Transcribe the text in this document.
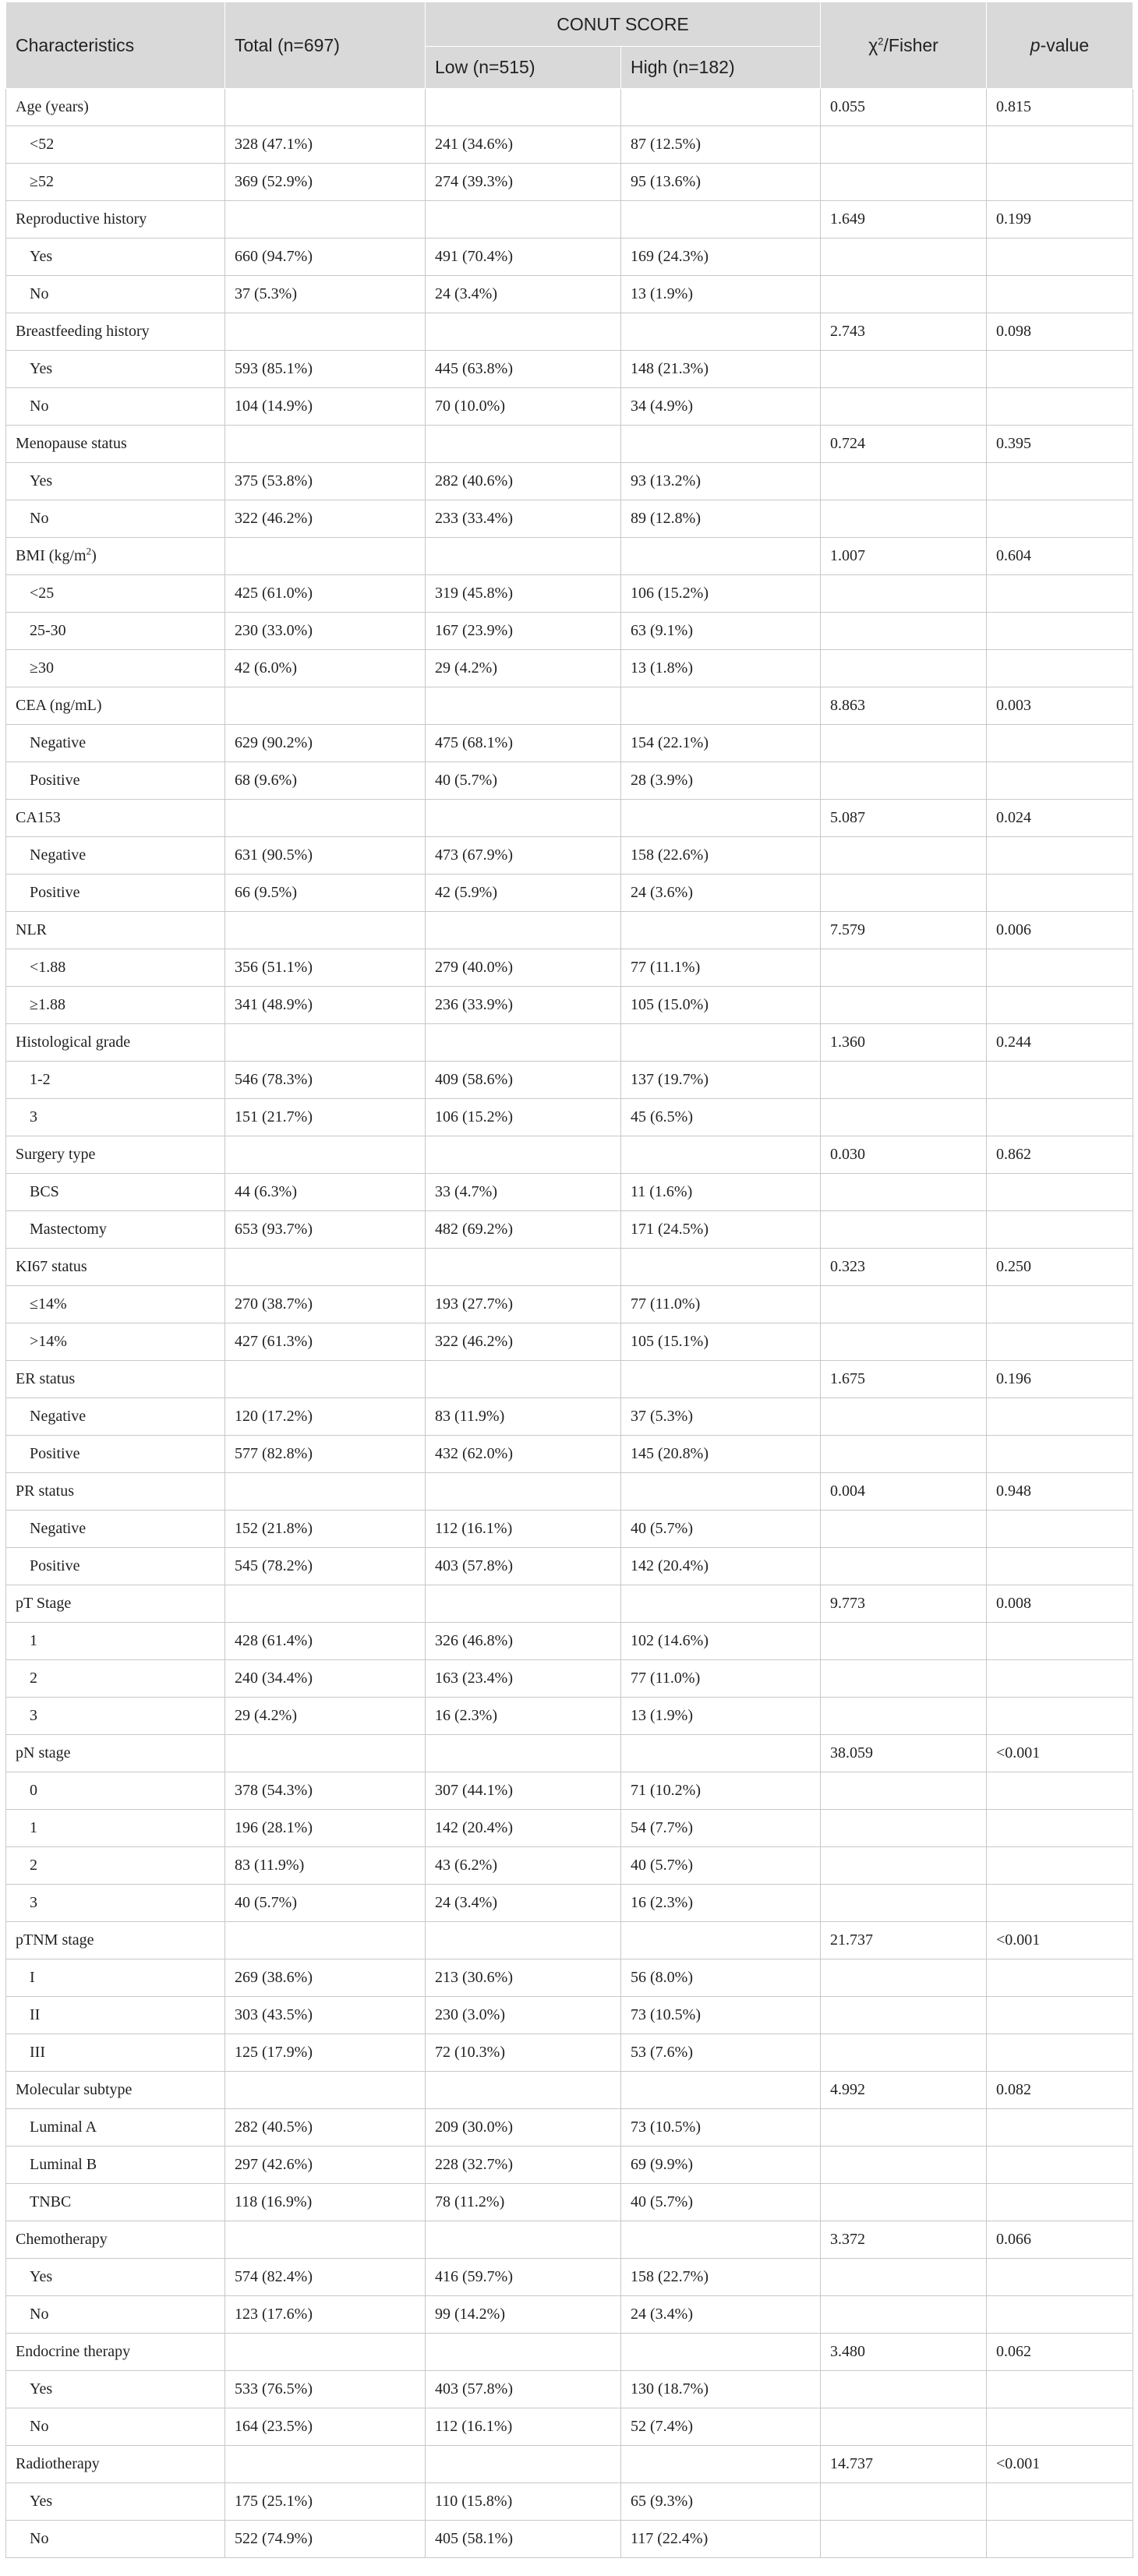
Characteristics	Total (n=697)	CONUT SCORE		$\chi^2$/Fisher	p-value
		Low (n=515)	High (n=182)		
Age (years)				0.055	0.815
<52	328 (47.1%)	241 (34.6%)	87 (12.5%)		
≥52	369 (52.9%)	274 (39.3%)	95 (13.6%)		
Reproductive history				1.649	0.199
Yes	660 (94.7%)	491 (70.4%)	169 (24.3%)		
No	37 (5.3%)	24 (3.4%)	13 (1.9%)		
Breastfeeding history				2.743	0.098
Yes	593 (85.1%)	445 (63.8%)	148 (21.3%)		
No	104 (14.9%)	70 (10.0%)	34 (4.9%)		
Menopause status				0.724	0.395
Yes	375 (53.8%)	282 (40.6%)	93 (13.2%)		
No	322 (46.2%)	233 (33.4%)	89 (12.8%)		
BMI $(kg/m^2)$				1.007	0.604
<25	425 (61.0%)	319 (45.8%)	106 (15.2%)		
25-30	230 (33.0%)	167 (23.9%)	63 (9.1%)		
≥30	42 (6.0%)	29 (4.2%)	13 (1.8%)		
CEA (ng/mL)				8.863	0.003
Negative	629 (90.2%)	475 (68.1%)	154 (22.1%)		
Positive	68 (9.6%)	40 (5.7%)	28 (3.9%)		
CA153				5.087	0.024
Negative	631 (90.5%)	473 (67.9%)	158 (22.6%)		
Positive	66 (9.5%)	42 (5.9%)	24 (3.6%)		
NLR				7.579	0.006
<1.88	356 (51.1%)	279 (40.0%)	77 (11.1%)		
≥1.88	341 (48.9%)	236 (33.9%)	105 (15.0%)		
Histological grade				1.360	0.244
1-2	546 (78.3%)	409 (58.6%)	137 (19.7%)		
3	151 (21.7%)	106 (15.2%)	45 (6.5%)		
Surgery type				0.030	0.862
BCS	44 (6.3%)	33 (4.7%)	11 (1.6%)		
Mastectomy	653 (93.7%)	482 (69.2%)	171 (24.5%)		
KI67 status				0.323	0.250
≤14%	270 (38.7%)	193 (27.7%)	77 (11.0%)		
>14%	427 (61.3%)	322 (46.2%)	105 (15.1%)		
ER status				1.675	0.196
Negative	120 (17.2%)	83 (11.9%)	37 (5.3%)		
Positive	577 (82.8%)	432 (62.0%)	145 (20.8%)		
PR status				0.004	0.948
Negative	152 (21.8%)	112 (16.1%)	40 (5.7%)		
Positive	545 (78.2%)	403 (57.8%)	142 (20.4%)		
pT Stage				9.773	0.008
1	428 (61.4%)	326 (46.8%)	102 (14.6%)		
2	240 (34.4%)	163 (23.4%)	77 (11.0%)		
3	29 (4.2%)	16 (2.3%)	13 (1.9%)		
pN stage				38.059	<0.001
0	378 (54.3%)	307 (44.1%)	71 (10.2%)		
1	196 (28.1%)	142 (20.4%)	54 (7.7%)		
2	83 (11.9%)	43 (6.2%)	40 (5.7%)		
3	40 (5.7%)	24 (3.4%)	16 (2.3%)		
pTNM stage				21.737	<0.001
I	269 (38.6%)	213 (30.6%)	56 (8.0%)		
II	303 (43.5%)	230 (3.0%)	73 (10.5%)		
III	125 (17.9%)	72 (10.3%)	53 (7.6%)		
Molecular subtype				4.992	0.082
Luminal A	282 (40.5%)	209 (30.0%)	73 (10.5%)		
Luminal B	297 (42.6%)	228 (32.7%)	69 (9.9%)		
TNBC	118 (16.9%)	78 (11.2%)	40 (5.7%)		
Chemotherapy				3.372	0.066
Yes	574 (82.4%)	416 (59.7%)	158 (22.7%)		
No	123 (17.6%)	99 (14.2%)	24 (3.4%)		
Endocrine therapy				3.480	0.062
Yes	533 (76.5%)	403 (57.8%)	130 (18.7%)		
No	164 (23.5%)	112 (16.1%)	52 (7.4%)		
Radiotherapy				14.737	<0.001
Yes	175 (25.1%)	110 (15.8%)	65 (9.3%)		
No	522 (74.9%)	405 (58.1%)	117 (22.4%)		
